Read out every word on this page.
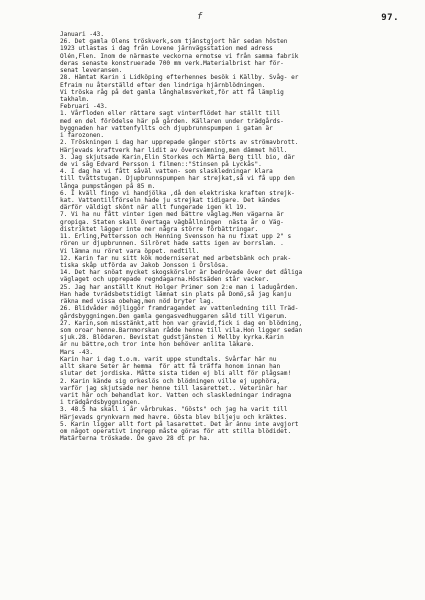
f	97.
Januari -43.
26. Det gamla Olens tröskverk,som tjänstgjort här sedan hösten
1923 utlastas i dag från Lovene järnvägsstation med adress
Olén,Flen. Inom de närmaste veckorna ermotse vi från samma fabrik
deras senaste konstruerade 700 mm verk.Materialbrist har för-
senat leveransen.
28. Hämtat Karin i Lidköping efterhennes besök i Källby. Svåg- er
Efraim nu återställd efter den lindriga hjärnblödningen.
Vi tröska råg på det gamla långhalmsverket,för att få lämplig
takhalm.
Februari -43.
1. Vårfloden eller rättare sagt vinterflödet har ställt till
med en del förödelse här på gården. Källaren under trädgårds-
byggnaden har vattenfyllts och djupbrunnspumpen i gatan är
i farozonen.
2. Tröskningen i dag har upprepade gånger störts av strömavbrott.
Härjevads kraftverk har lidit av översvämning,men dämmet höll.
3. Jag skjutsade Karin,Elin Storkes och Märta Berg till bio, där
de vi såg Edvard Persson i filmen::"Stinsen på Lyckås".
4. I dag ha vi fått såväl vatten- som slaskledningar klara
till tvättstugan. Djupbrunnspumpen har strejkat,så vi få upp den
långa pumpstången på 85 m.
6. I kväll fingo vi handjölka ,då den elektriska kraften strejk-
kat. Vattentillförseln hade ju strejkat tidigare. Det kändes
därför väldigt skönt när allt fungerade igen kl 19.
7. Vi ha nu fått vinter igen med bättre väglag.Men vägarna är
gropiga. Staten skall övertaga vägbållningen  nästa år o Väg-
distriktet lägger inte ner några större förbättringar.
11. Erling,Pettersson och Henning Svensson ha nu fixat upp 2" s
rören ur djupbrunnen. Silröret hade satts igen av borrslam. .
Vi lämna nu röret vara öppet. nedtill.
12. Karin far nu sitt kök moderniserat med arbetsbänk och prak-
tiska skåp utförda av Jakob Jonsson i Örslösa.
14. Det har snöat mycket skogskörslor är bedrövade över det dåliga
väglaget och upprepade regndagarna.Höstsäden står vacker.
25. Jag har anställt Knut Holger Primer som 2:e man i ladugården.
Han hade tvrädsbetstidigt lämnat sin plats på Domö,så jag kanju
räkna med vissa obehag,men nöd bryter lag.
26. Blidvåder möjliggör framdragandet av vattenledning till Träd-
gårdsbyggningen.Den gamla gengasvedhuggaren såld till Vigerum.
27. Karin,som misstänkt,att hon var gravid,fick i dag en blödning,
som oroar henne.Barnmorskan rådde henne till vila.Hon ligger sedan
sjuk.28. Blödaren. Bevistat gudstjänsten i Mellby kyrka.Karin
är nu bättre,och tror inte hon behöver anlita läkare.
Mars -43.
Karin har i dag t.o.m. varit uppe stundtals. Svårfar här nu
allt skare Seter är hemma  för att få träffa honom innan han
slutar det jordiska. Måtte sista tiden ej bli allt för plågsam!
2. Karin kände sig orkeslös och blödningen ville ej upphöra,
varför jag skjutsade ner henne till lasarettet.. Veterinär har
varit här och behandlat kor. Vatten och slaskledningar indragna
i trädgårdsbyggningen.
3. 48.5 ha skall i år vårbrukas. "Gösts" och jag ha varit till
Härjevads grynkvarn med havre. Gösta blev biljeju och kräktes.
5. Karin ligger allt fort på lasarettet. Det är ännu inte avgjort
om något operativt ingrepp måste göras för att stilla blödidet.
Matärterna tröskade. De gavo 28 dt pr ha.
